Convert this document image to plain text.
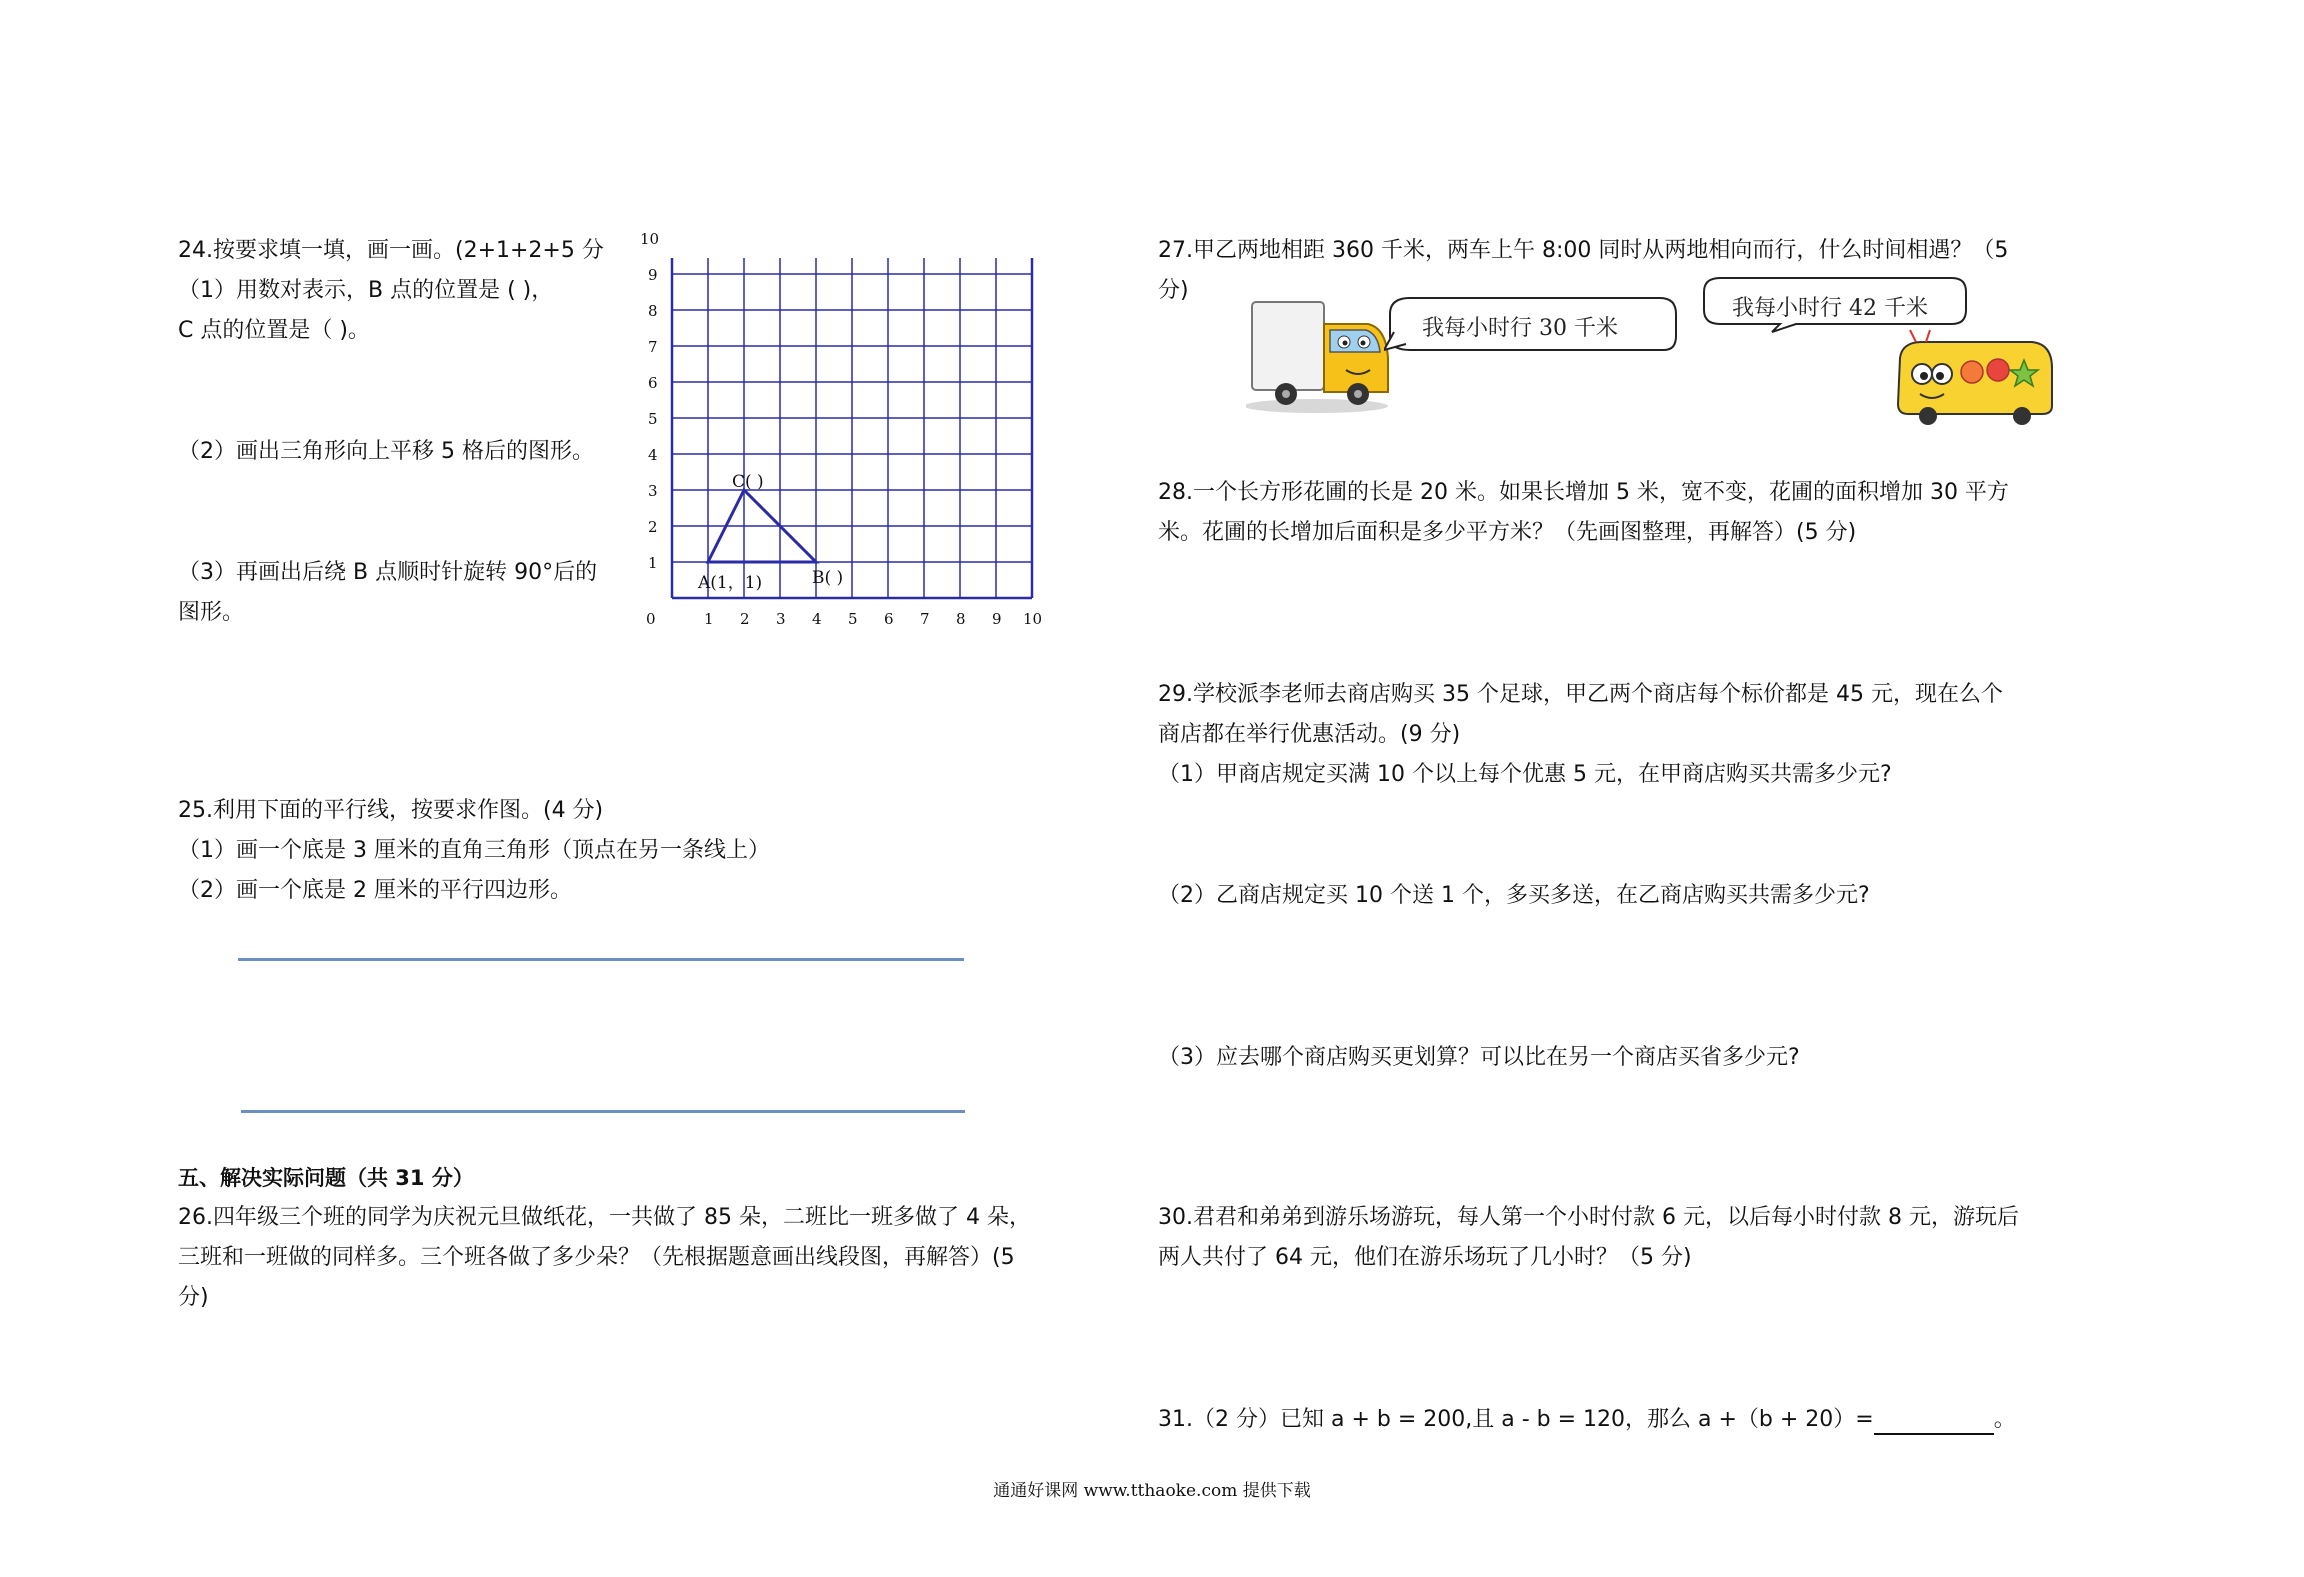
24.按要求填一填，画一画。(2+1+2+5 分
（1）用数对表示，B 点的位置是 ( )，
C 点的位置是（ )。
（2）画出三角形向上平移 5 格后的图形。
（3）再画出后绕 B 点顺时针旋转 90°后的
图形。
1
2
3
4
5
6
7
8
9
10
0	1 2 3 4 5 6 7 8 9 10
C( )
A(1，1)	B( )
25.利用下面的平行线，按要求作图。(4 分)
（1）画一个底是 3 厘米的直角三角形（顶点在另一条线上）
（2）画一个底是 2 厘米的平行四边形。
五、解决实际问题（共 31 分）
26.四年级三个班的同学为庆祝元旦做纸花，一共做了 85 朵，二班比一班多做了 4 朵，
三班和一班做的同样多。三个班各做了多少朵？（先根据题意画出线段图，再解答）(5
分)
27.甲乙两地相距 360 千米，两车上午 8:00 同时从两地相向而行，什么时间相遇？（5
分)
我每小时行 30 千米
我每小时行 42 千米
28.一个长方形花圃的长是 20 米。如果长增加 5 米，宽不变，花圃的面积增加 30 平方
米。花圃的长增加后面积是多少平方米？（先画图整理，再解答）(5 分)
29.学校派李老师去商店购买 35 个足球，甲乙两个商店每个标价都是 45 元，现在么个
商店都在举行优惠活动。(9 分)
（1）甲商店规定买满 10 个以上每个优惠 5 元，在甲商店购买共需多少元?
（2）乙商店规定买 10 个送 1 个，多买多送，在乙商店购买共需多少元?
（3）应去哪个商店购买更划算？可以比在另一个商店买省多少元?
30.君君和弟弟到游乐场游玩，每人第一个小时付款 6 元，以后每小时付款 8 元，游玩后
两人共付了 64 元，他们在游乐场玩了几小时？（5 分)
31.（2 分）已知 a + b = 200,且 a - b = 120，那么 a +（b + 20）=	。
通通好课网 www.tthaoke.com 提供下载
